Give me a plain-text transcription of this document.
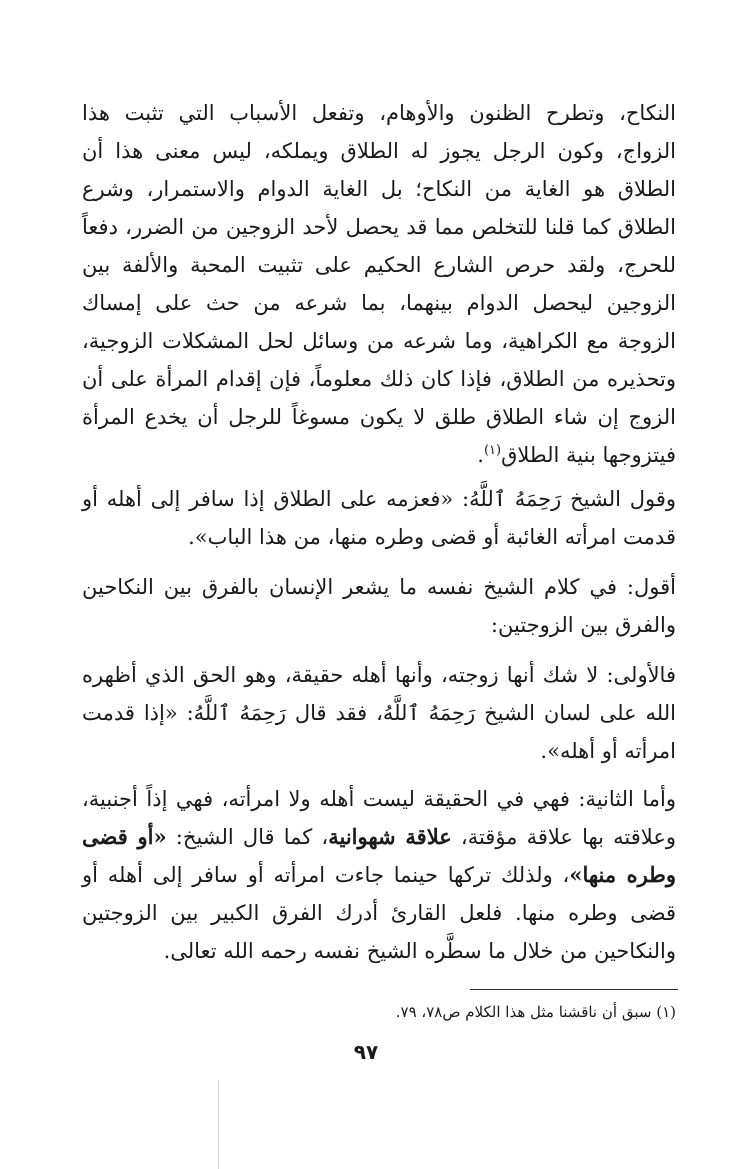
النكاح، وتطرح الظنون والأوهام، وتفعل الأسباب التي تثبت هذا الزواج، وكون الرجل يجوز له الطلاق ويملكه، ليس معنى هذا أن الطلاق هو الغاية من النكاح؛ بل الغاية الدوام والاستمرار، وشرع الطلاق كما قلنا للتخلص مما قد يحصل لأحد الزوجين من الضرر، دفعاً للحرج، ولقد حرص الشارع الحكيم على تثبيت المحبة والألفة بين الزوجين ليحصل الدوام بينهما، بما شرعه من حث على إمساك الزوجة مع الكراهية، وما شرعه من وسائل لحل المشكلات الزوجية، وتحذيره من الطلاق، فإذا كان ذلك معلوماً، فإن إقدام المرأة على أن الزوج إن شاء الطلاق طلق لا يكون مسوغاً للرجل أن يخدع المرأة فيتزوجها بنية الطلاق$^{(١)}$.

وقول الشيخ رَحِمَهُ ٱللَّهُ: «فعزمه على الطلاق إذا سافر إلى أهله أو قدمت امرأته الغائبة أو قضى وطره منها، من هذا الباب».

أقول: في كلام الشيخ نفسه ما يشعر الإنسان بالفرق بين النكاحين والفرق بين الزوجتين:

فالأولى: لا شك أنها زوجته، وأنها أهله حقيقة، وهو الحق الذي أظهره الله على لسان الشيخ رَحِمَهُ ٱللَّهُ، فقد قال رَحِمَهُ ٱللَّهُ: «إذا قدمت امرأته أو أهله».

وأما الثانية: فهي في الحقيقة ليست أهله ولا امرأته، فهي إذاً أجنبية، وعلاقته بها علاقة مؤقتة، علاقة شهوانية، كما قال الشيخ: «أو قضى وطره منها»، ولذلك تركها حينما جاءت امرأته أو سافر إلى أهله أو قضى وطره منها. فلعل القارئ أدرك الفرق الكبير بين الزوجتين والنكاحين من خلال ما سطَّره الشيخ نفسه رحمه الله تعالى.

(١) سبق أن ناقشنا مثل هذا الكلام ص٧٨، ٧٩.
٩٧
